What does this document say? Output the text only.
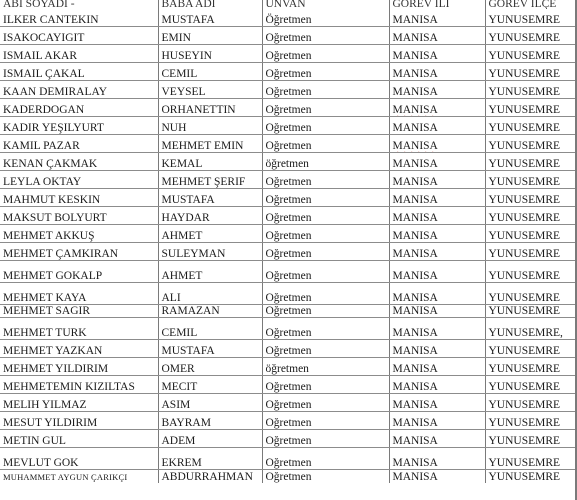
ABI SOYADI -	BABA ADI	UNVAN	GOREV ILI	GOREV ILÇE
ILKER CANTEKIN	MUSTAFA	Öğretmen	MANISA	YUNUSEMRE
ISAKOCAYIGIT	EMIN	Oğretmen	MANISA	YUNUSEMRE
ISMAIL AKAR	HUSEYIN	Oğretmen	MANISA	YUNUSEMRE
ISMAIL ÇAKAL	CEMIL	Oğretmen	MANISA	YUNUSEMRE
KAAN DEMIRALAY	VEYSEL	Oğretmen	MANISA	YUNUSEMRE
KADERDOGAN	ORHANETTIN	Oğretmen	MANISA	YUNUSEMRE
KADIR YEŞILYURT	NUH	Oğretmen	MANISA	YUNUSEMRE
KAMIL PAZAR	MEHMET EMIN	Oğretmen	MANISA	YUNUSEMRE
KENAN ÇAKMAK	KEMAL	öğretmen	MANISA	YUNUSEMRE
LEYLA OKTAY	MEHMET ŞERIF	Oğretmen	MANISA	YUNUSEMRE
MAHMUT KESKIN	MUSTAFA	Oğretmen	MANISA	YUNUSEMRE
MAKSUT BOLYURT	HAYDAR	Oğretmen	MANISA	YUNUSEMRE
MEHMET AKKUŞ	AHMET	Oğretmen	MANISA	YUNUSEMRE
MEHMET ÇAMKIRAN	SULEYMAN	Oğretmen	MANISA	YUNUSEMRE
MEHMET GOKALP	AHMET	Oğretmen	MANISA	YUNUSEMRE
MEHMET KAYA	ALI	Oğretmen	MANISA	YUNUSEMRE
MEHMET SAGIR	RAMAZAN	Oğretmen	MANISA	YUNUSEMRE
MEHMET TURK	CEMIL	Oğretmen	MANISA	YUNUSEMRE,
MEHMET YAZKAN	MUSTAFA	Oğretmen	MANISA	YUNUSEMRE
MEHMET YILDIRIM	OMER	öğretmen	MANISA	YUNUSEMRE
MEHMETEMIN KIZILTAS	MECIT	Oğretmen	MANISA	YUNUSEMRE
MELIH YILMAZ	ASIM	Oğretmen	MANISA	YUNUSEMRE
MESUT YILDIRIM	BAYRAM	Oğretmen	MANISA	YUNUSEMRE
METIN GUL	ADEM	Oğretmen	MANISA	YUNUSEMRE
MEVLUT GOK	EKREM	Oğretmen	MANISA	YUNUSEMRE
MUHAMMET AYGUN ÇARIKÇI	ABDURRAHMAN	Oğretmen	MANISA	YUNUSEMRE
